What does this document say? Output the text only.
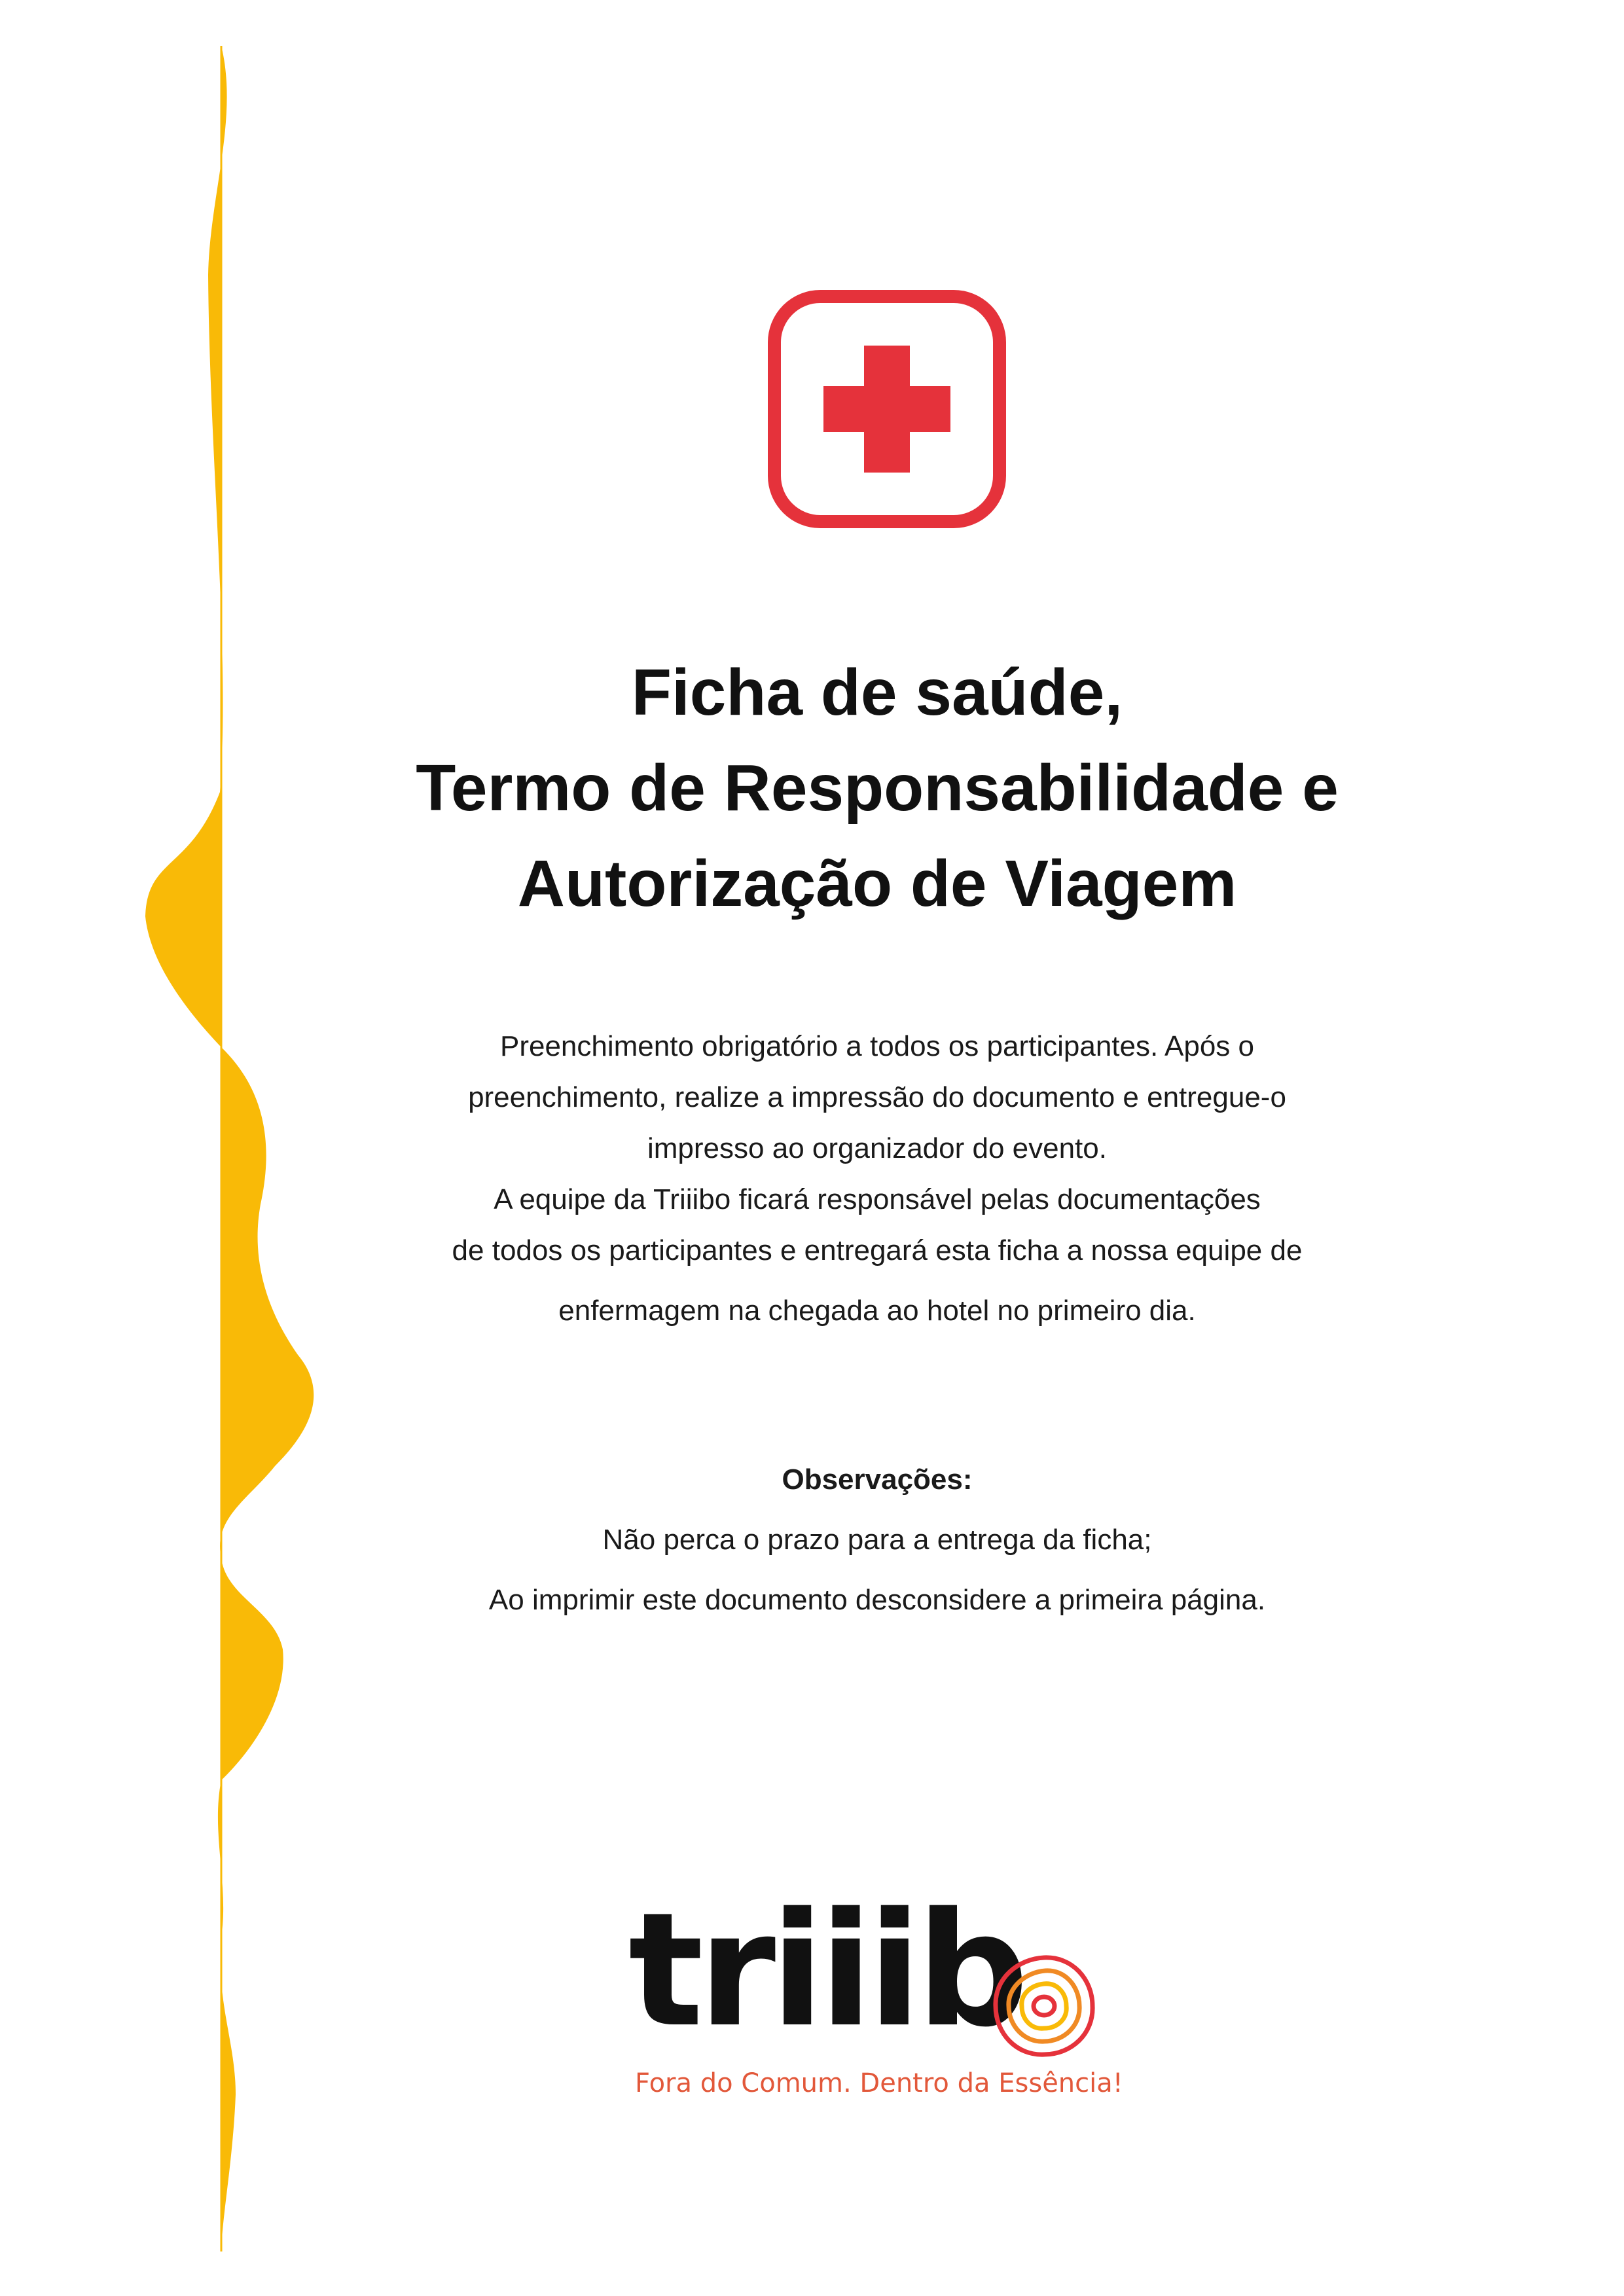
Ficha de saúde,
Termo de Responsabilidade e
Autorização de Viagem
Preenchimento obrigatório a todos os participantes. Após o
preenchimento, realize a impressão do documento e entregue-o
impresso ao organizador do evento.
A equipe da Triiibo ficará responsável pelas documentações
de todos os participantes e entregará esta ficha a nossa equipe de
enfermagem na chegada ao hotel no primeiro dia.
Observações:
Não perca o prazo para a entrega da ficha;
Ao imprimir este documento desconsidere a primeira página.
triiib
Fora do Comum. Dentro da Essência!
